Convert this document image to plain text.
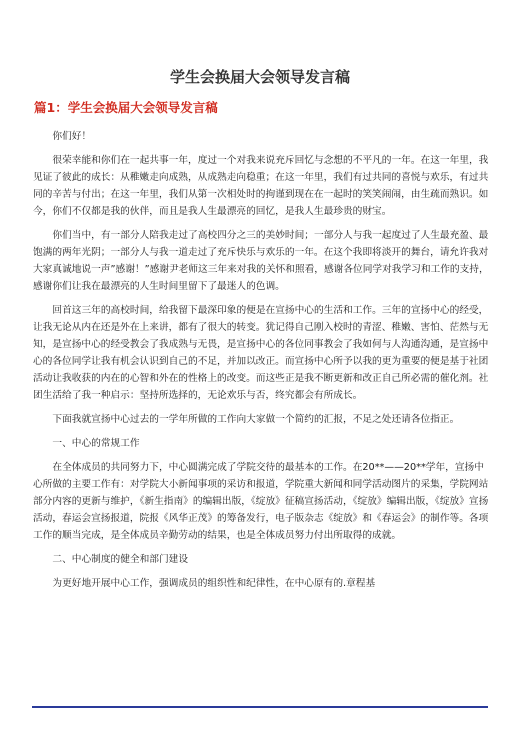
学生会换届大会领导发言稿
篇1：学生会换届大会领导发言稿

你们好！

很荣幸能和你们在一起共事一年，度过一个对我来说充斥回忆与念想的不平凡的一年。在这一年里，我见证了彼此的成长：从稚嫩走向成熟，从成熟走向稳重；在这一年里，我们有过共同的喜悦与欢乐，有过共同的辛苦与付出；在这一年里，我们从第一次相处时的拘谨到现在在一起时的笑笑闹闹，由生疏而熟识。如今，你们不仅都是我的伙伴，而且是我人生最漂亮的回忆，是我人生最珍贵的财宝。

你们当中，有一部分人陪我走过了高校四分之三的美妙时间；一部分人与我一起度过了人生最充盈、最饱满的两年光阴；一部分人与我一道走过了充斥快乐与欢乐的一年。在这个我即将淡开的舞台，请允许我对大家真诚地说一声”感谢！”感谢尹老师这三年来对我的关怀和照看，感谢各位同学对我学习和工作的支持，感谢你们让我在最漂亮的人生时间里留下了最迷人的色调。

回首这三年的高校时间，给我留下最深印象的便是在宣扬中心的生活和工作。三年的宣扬中心的经受，让我无论从内在还是外在上来讲，都有了很大的转变。犹记得自己刚入校时的青涩、稚嫩、害怕、茫然与无知，是宣扬中心的经受教会了我成熟与无畏，是宣扬中心的各位同事教会了我如何与人沟通沟通，是宣扬中心的各位同学让我有机会认识到自己的不足，并加以改正。而宣扬中心所予以我的更为重要的便是基于社团活动让我收获的内在的心智和外在的性格上的改变。而这些正是我不断更新和改正自己所必需的催化剂。社团生活给了我一种启示：坚持所选择的，无论欢乐与否，终究都会有所成长。

下面我就宣扬中心过去的一学年所做的工作向大家做一个简约的汇报，不足之处还请各位指正。

一、中心的常规工作

在全体成员的共同努力下，中心圆满完成了学院交待的最基本的工作。在20**——20**学年，宣扬中心所做的主要工作有：对学院大小新闻事项的采访和报道，学院重大新闻和同学活动图片的采集，学院网站部分内容的更新与维护，《新生指南》的编辑出版，《绽放》征稿宣扬活动，《绽放》编辑出版，《绽放》宣扬活动，春运会宣扬报道，院报《风华正茂》的筹备发行，电子版杂志《绽放》和《春运会》的制作等。各项工作的顺当完成，是全体成员辛勤劳动的结果，也是全体成员努力付出所取得的成就。

二、中心制度的健全和部门建设

为更好地开展中心工作，强调成员的组织性和纪律性，在中心原有的.章程基
